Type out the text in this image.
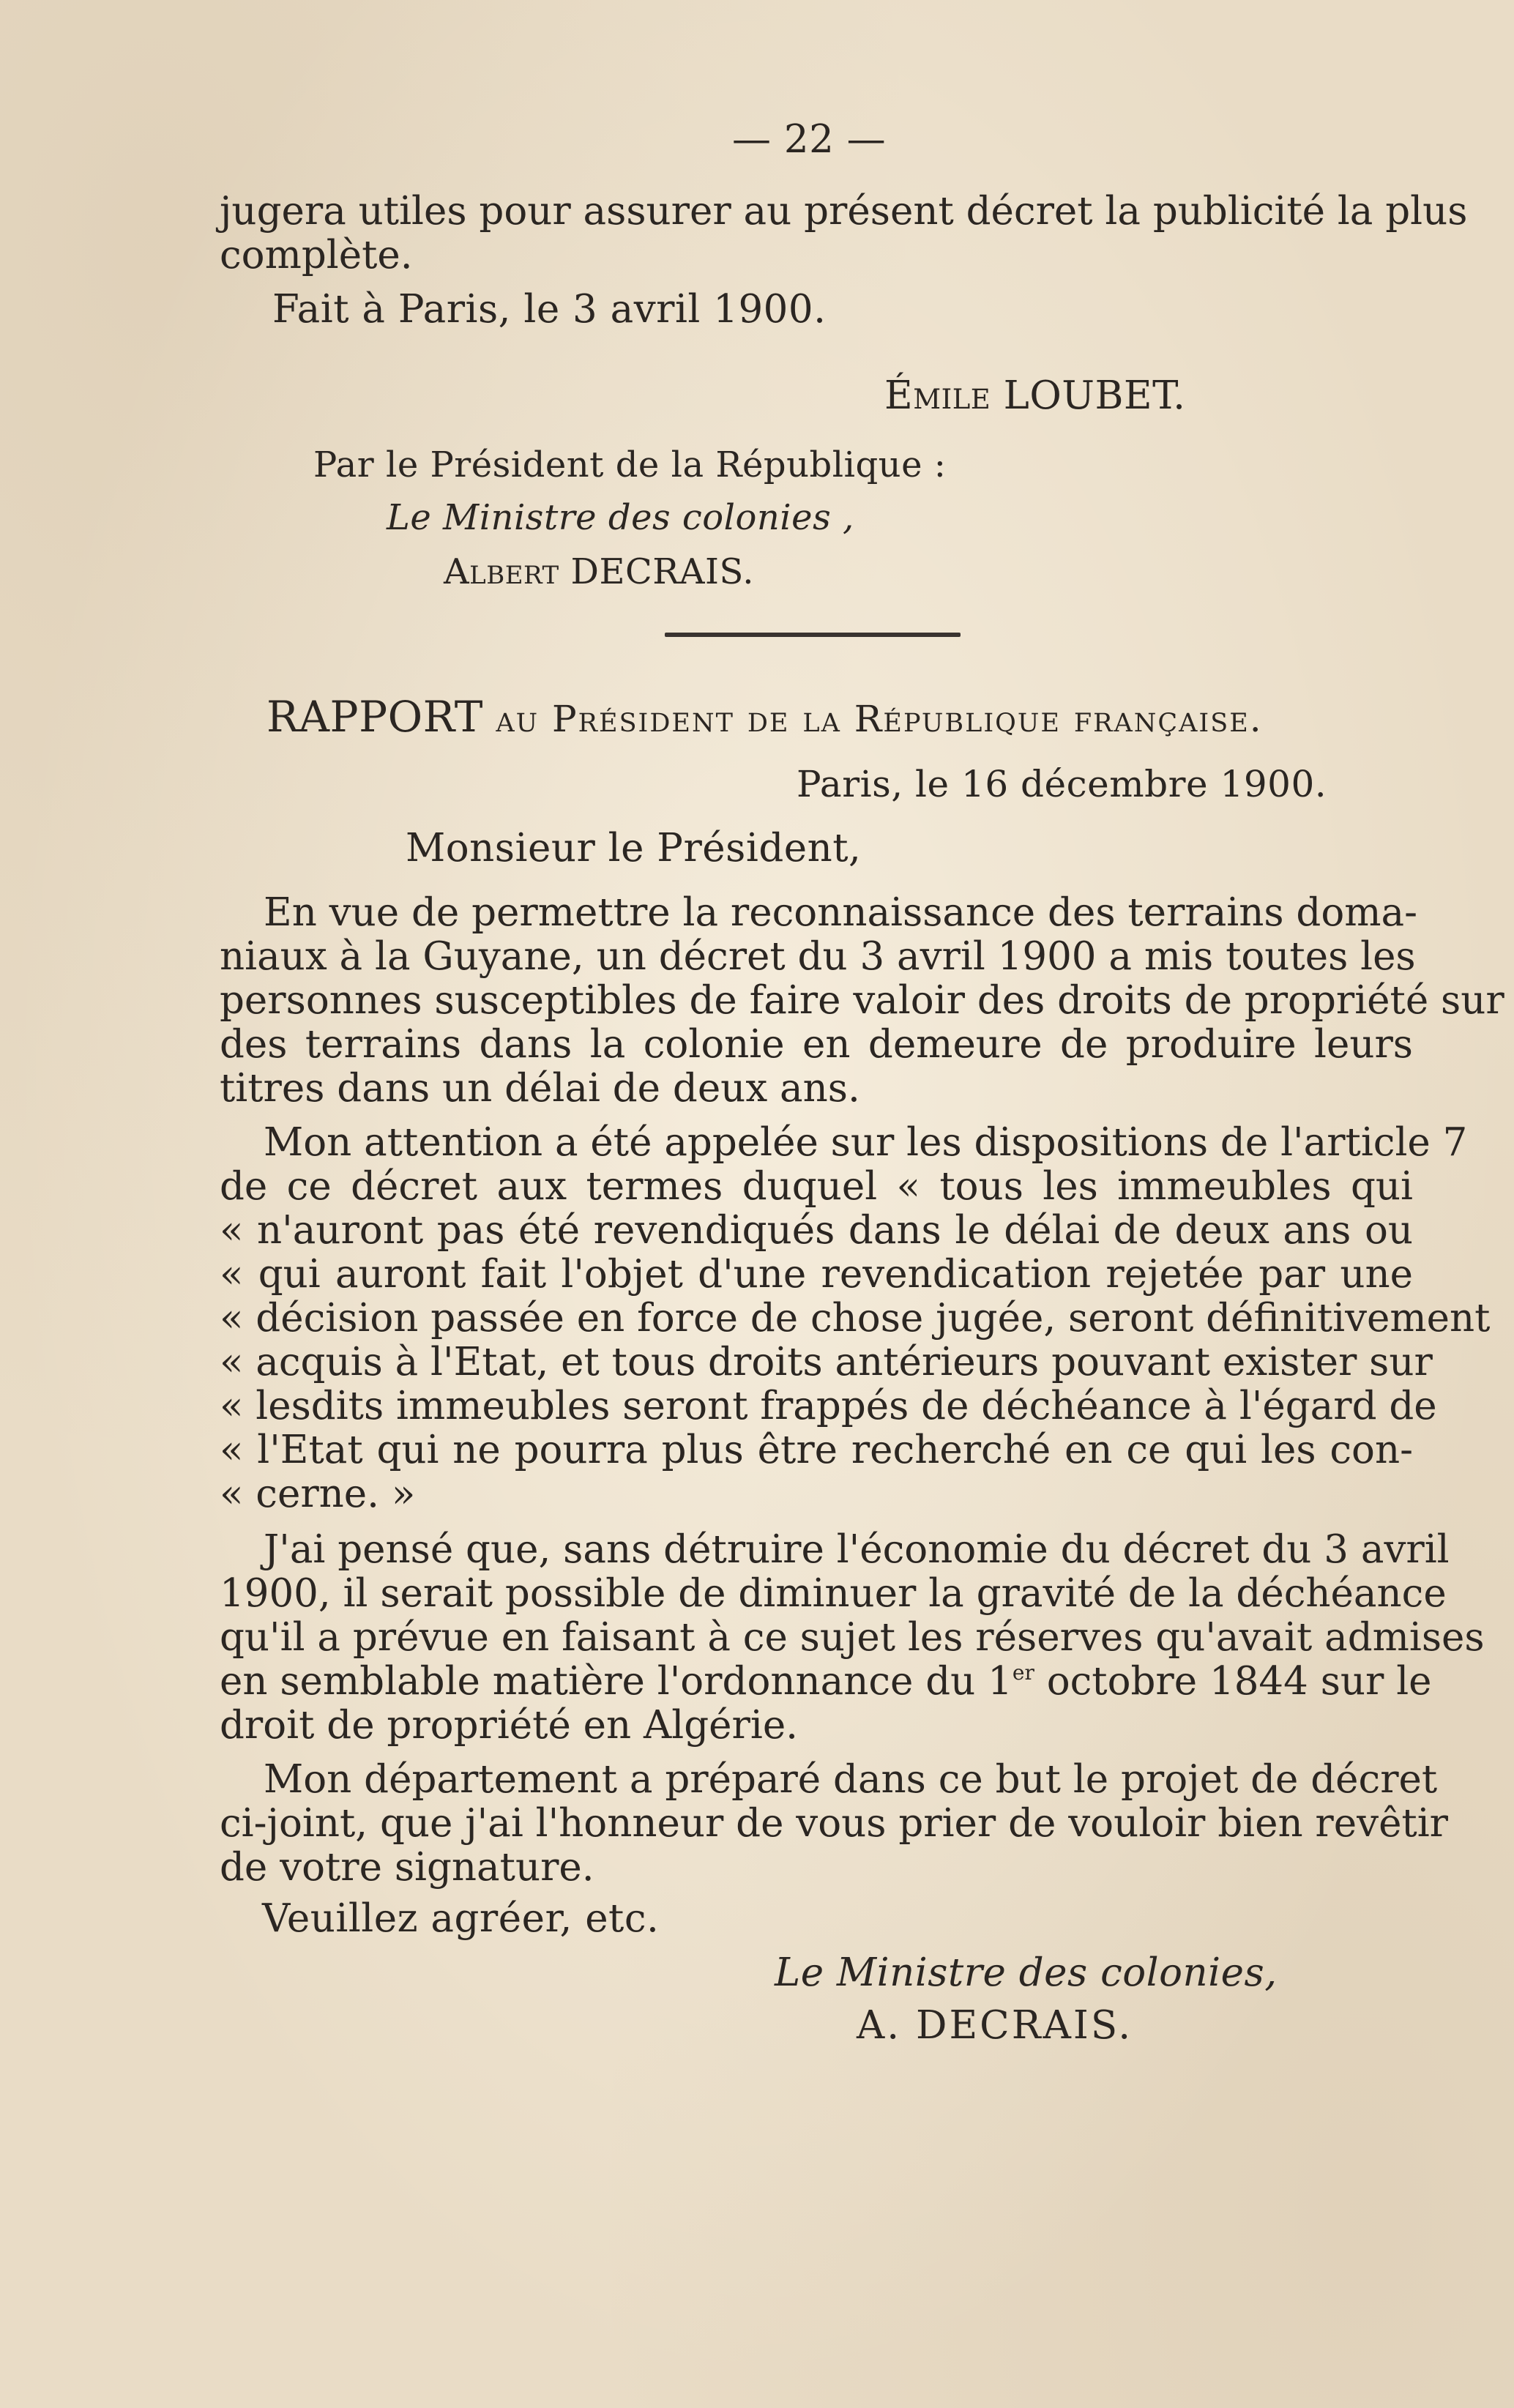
— 22 —
jugera utiles pour assurer au présent décret la publicité la plus
complète.
Fait à Paris, le 3 avril 1900.
Émile LOUBET.
Par le Président de la République :
Le Ministre des colonies ,
Albert DECRAIS.
RAPPORT au Président de la République française.
Paris, le 16 décembre 1900.
Monsieur le Président,
En vue de permettre la reconnaissance des terrains doma-
niaux à la Guyane, un décret du 3 avril 1900 a mis toutes les
personnes susceptibles de faire valoir des droits de propriété sur
des terrains dans la colonie en demeure de produire leurs
titres dans un délai de deux ans.
Mon attention a été appelée sur les dispositions de l'article 7
de ce décret aux termes duquel « tous les immeubles qui
« n'auront pas été revendiqués dans le délai de deux ans ou
« qui auront fait l'objet d'une revendication rejetée par une
« décision passée en force de chose jugée, seront définitivement
« acquis à l'Etat, et tous droits antérieurs pouvant exister sur
« lesdits immeubles seront frappés de déchéance à l'égard de
« l'Etat qui ne pourra plus être recherché en ce qui les con-
« cerne. »
J'ai pensé que, sans détruire l'économie du décret du 3 avril
1900, il serait possible de diminuer la gravité de la déchéance
qu'il a prévue en faisant à ce sujet les réserves qu'avait admises
en semblable matière l'ordonnance du 1er octobre 1844 sur le
droit de propriété en Algérie.
Mon département a préparé dans ce but le projet de décret
ci-joint, que j'ai l'honneur de vous prier de vouloir bien revêtir
de votre signature.
Veuillez agréer, etc.
Le Ministre des colonies,
A. DECRAIS.
